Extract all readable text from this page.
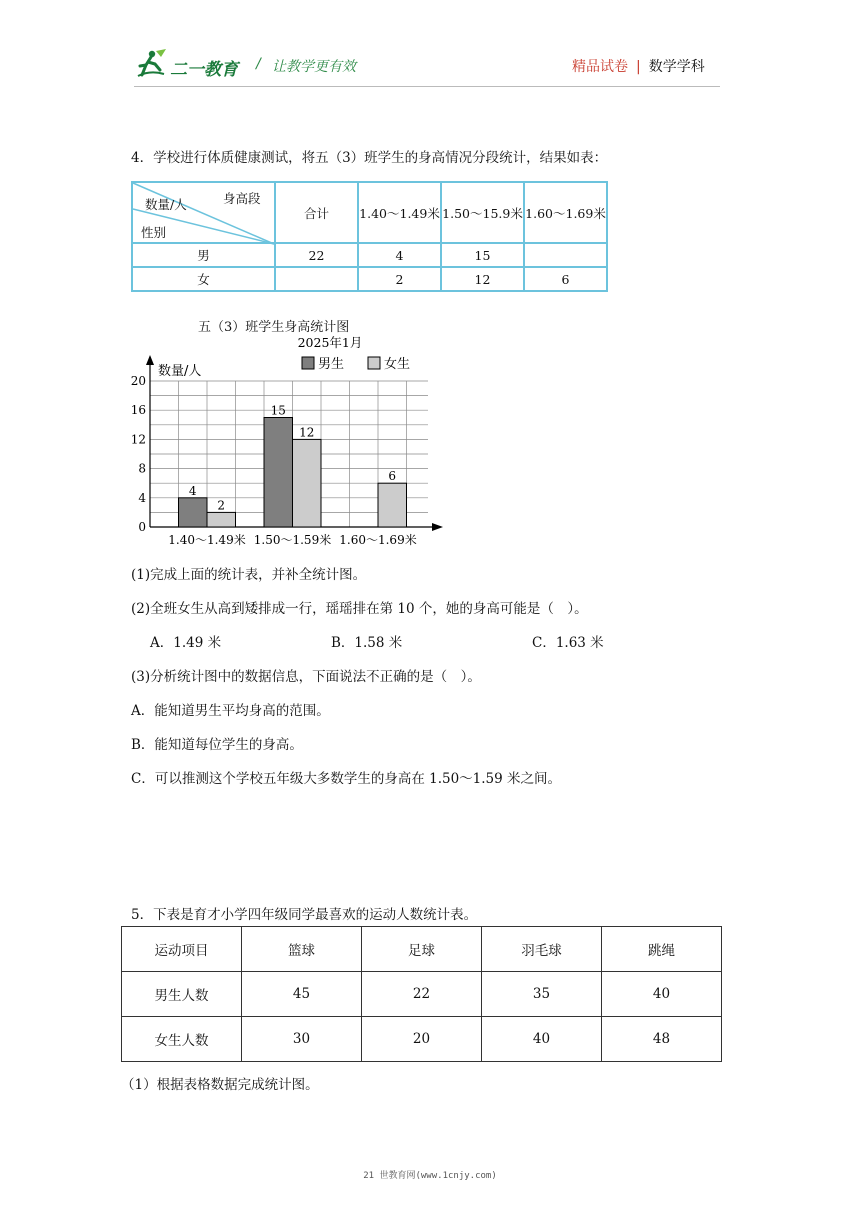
二一教育 / 让教学更有效	精品试卷 | 数学学科
4．学校进行体质健康测试，将五（3）班学生的身高情况分段统计，结果如表：
身高段
数量/人
性别	合计	1.40～1.49米	1.50～15.9米	1.60～1.69米
男	22	4	15	
女		2	12	6
五（3）班学生身高统计图
0
4
8
12
16
20
数量/人
2025年1月
男生	女生
4
2
1.40～1.49米
15
12
1.50～1.59米
6
1.60～1.69米
(1)完成上面的统计表，并补全统计图。
(2)全班女生从高到矮排成一行，瑶瑶排在第 10 个，她的身高可能是（　）。
A．1.49 米	B．1.58 米	C．1.63 米
(3)分析统计图中的数据信息，下面说法不正确的是（　）。
A．能知道男生平均身高的范围。
B．能知道每位学生的身高。
C．可以推测这个学校五年级大多数学生的身高在 1.50～1.59 米之间。
5．下表是育才小学四年级同学最喜欢的运动人数统计表。
运动项目	篮球	足球	羽毛球	跳绳
男生人数	45	22	35	40
女生人数	30	20	40	48
（1）根据表格数据完成统计图。
21 世教育网(www.1cnjy.com)
